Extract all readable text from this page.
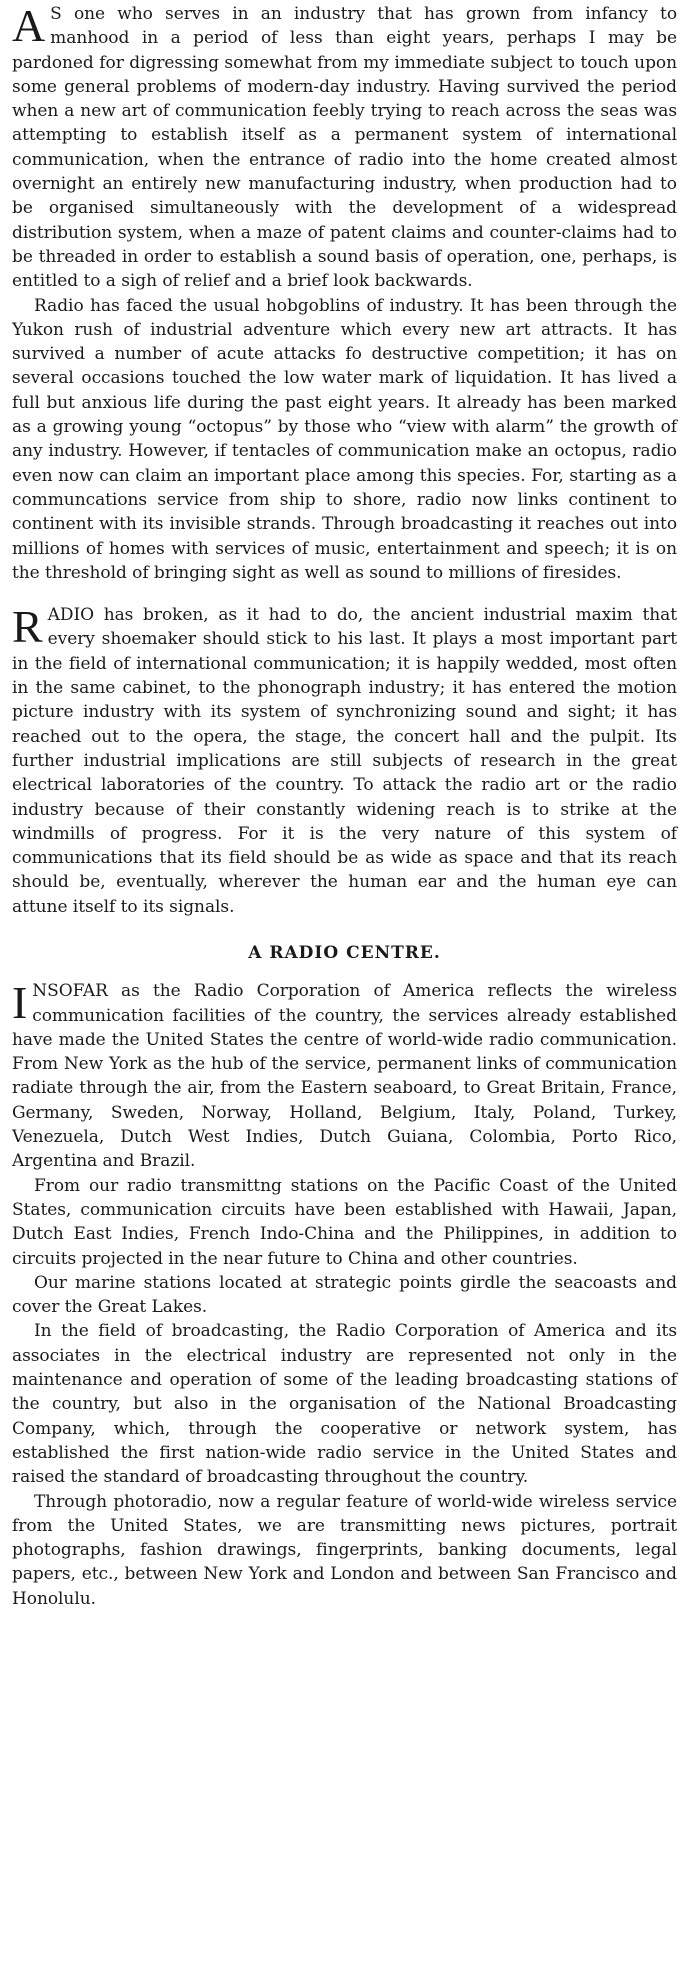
A S one who serves in an industry that has grown from infancy to manhood in a period of less than eight years, perhaps I may be pardoned for digressing somewhat from my immediate subject to touch upon some general problems of modern-day industry. Having survived the period when a new art of communication feebly trying to reach across the seas was attempting to establish itself as a permanent system of international communication, when the entrance of radio into the home created almost overnight an entirely new manufacturing industry, when production had to be organised simultaneously with the development of a widespread distribution system, when a maze of patent claims and counter-claims had to be threaded in order to establish a sound basis of operation, one, perhaps, is entitled to a sigh of relief and a brief look backwards.

Radio has faced the usual hobgoblins of industry. It has been through the Yukon rush of industrial adventure which every new art attracts. It has survived a number of acute attacks fo destructive competition; it has on several occasions touched the low water mark of liquidation. It has lived a full but anxious life during the past eight years. It already has been marked as a growing young “octopus” by those who “view with alarm” the growth of any industry. However, if tentacles of communication make an octopus, radio even now can claim an important place among this species. For, starting as a communcations service from ship to shore, radio now links continent to continent with its invisible strands. Through broadcasting it reaches out into millions of homes with services of music, entertainment and speech; it is on the threshold of bringing sight as well as sound to millions of firesides.

RADIO has broken, as it had to do, the ancient industrial maxim that every shoemaker should stick to his last. It plays a most important part in the field of international communication; it is happily wedded, most often in the same cabinet, to the phonograph industry; it has entered the motion picture industry with its system of synchronizing sound and sight; it has reached out to the opera, the stage, the concert hall and the pulpit. Its further industrial implications are still subjects of research in the great electrical laboratories of the country. To attack the radio art or the radio industry because of their constantly widening reach is to strike at the windmills of progress. For it is the very nature of this system of communications that its field should be as wide as space and that its reach should be, eventually, wherever the human ear and the human eye can attune itself to its signals.

A RADIO CENTRE.

INSOFAR as the Radio Corporation of America reflects the wireless communication facilities of the country, the services already established have made the United States the centre of world-wide radio communication. From New York as the hub of the service, permanent links of communication radiate through the air, from the Eastern seaboard, to Great Britain, France, Germany, Sweden, Norway, Holland, Belgium, Italy, Poland, Turkey, Venezuela, Dutch West Indies, Dutch Guiana, Colombia, Porto Rico, Argentina and Brazil.

From our radio transmittng stations on the Pacific Coast of the United States, communication circuits have been established with Hawaii, Japan, Dutch East Indies, French Indo-China and the Philippines, in addition to circuits projected in the near future to China and other countries.

Our marine stations located at strategic points girdle the seacoasts and cover the Great Lakes.

In the field of broadcasting, the Radio Corporation of America and its associates in the electrical industry are represented not only in the maintenance and operation of some of the leading broadcasting stations of the country, but also in the organisation of the National Broadcasting Company, which, through the cooperative or network system, has established the first nation-wide radio service in the United States and raised the standard of broadcasting throughout the country.

Through photoradio, now a regular feature of world-wide wireless service from the United States, we are transmitting news pictures, portrait photographs, fashion drawings, fingerprints, banking documents, legal papers, etc., between New York and London and between San Francisco and Honolulu.
